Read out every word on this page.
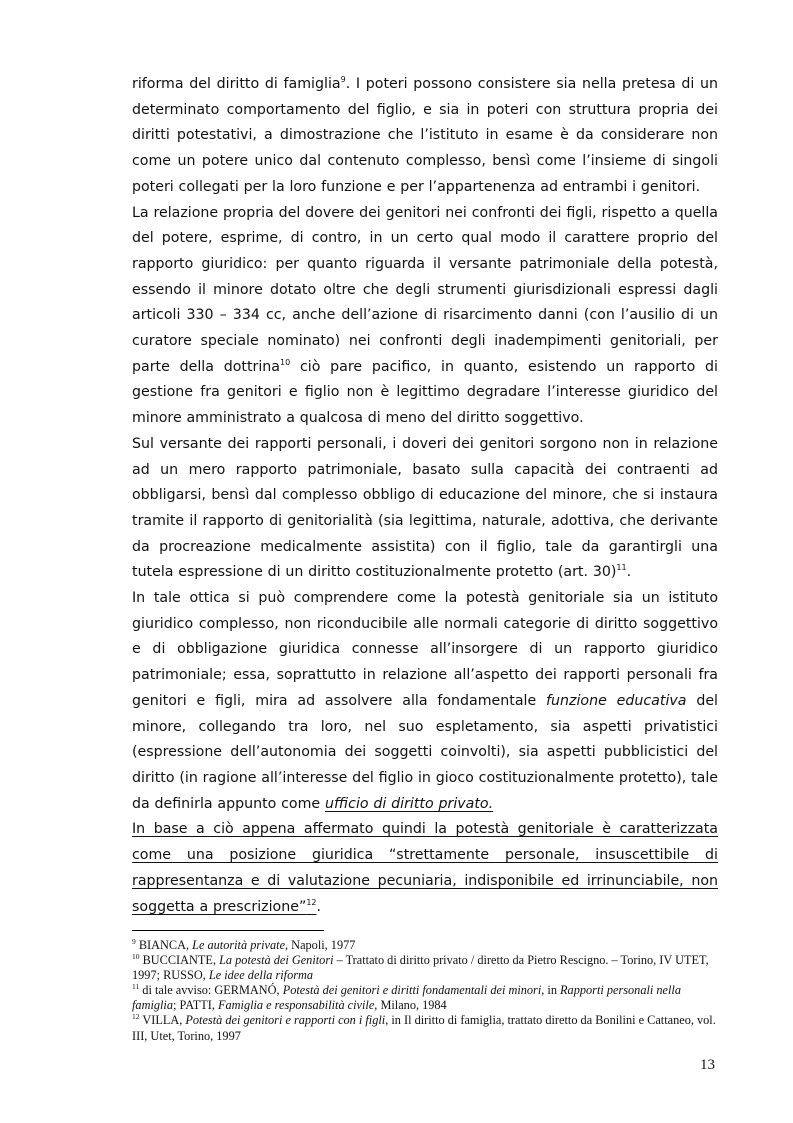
riforma del diritto di famiglia$^9$. I poteri possono consistere sia nella pretesa di un determinato comportamento del figlio, e sia in poteri con struttura propria dei diritti potestativi, a dimostrazione che l’istituto in esame è da considerare non come un potere unico dal contenuto complesso, bensì come l’insieme di singoli poteri collegati per la loro funzione e per l’appartenenza ad entrambi i genitori.

La relazione propria del dovere dei genitori nei confronti dei figli, rispetto a quella del potere, esprime, di contro, in un certo qual modo il carattere proprio del rapporto giuridico: per quanto riguarda il versante patrimoniale della potestà, essendo il minore dotato oltre che degli strumenti giurisdizionali espressi dagli articoli 330 – 334 cc, anche dell’azione di risarcimento danni (con l’ausilio di un curatore speciale nominato) nei confronti degli inadempimenti genitoriali, per parte della dottrina$^{10}$ ciò pare pacifico, in quanto, esistendo un rapporto di gestione fra genitori e figlio non è legittimo degradare l’interesse giuridico del minore amministrato a qualcosa di meno del diritto soggettivo.

Sul versante dei rapporti personali, i doveri dei genitori sorgono non in relazione ad un mero rapporto patrimoniale, basato sulla capacità dei contraenti ad obbligarsi, bensì dal complesso obbligo di educazione del minore, che si instaura tramite il rapporto di genitorialità (sia legittima, naturale, adottiva, che derivante da procreazione medicalmente assistita) con il figlio, tale da garantirgli una tutela espressione di un diritto costituzionalmente protetto (art. 30)$^{11}$.

In tale ottica si può comprendere come la potestà genitoriale sia un istituto giuridico complesso, non riconducibile alle normali categorie di diritto soggettivo e di obbligazione giuridica connesse all’insorgere di un rapporto giuridico patrimoniale; essa, soprattutto in relazione all’aspetto dei rapporti personali fra genitori e figli, mira ad assolvere alla fondamentale funzione educativa del minore, collegando tra loro, nel suo espletamento, sia aspetti privatistici (espressione dell’autonomia dei soggetti coinvolti), sia aspetti pubblicistici del diritto (in ragione all’interesse del figlio in gioco costituzionalmente protetto), tale da definirla appunto come ufficio di diritto privato.

In base a ciò appena affermato quindi la potestà genitoriale è caratterizzata come una posizione giuridica “strettamente personale, insuscettibile di rappresentanza e di valutazione pecuniaria, indisponibile ed irrinunciabile, non soggetta a prescrizione”$^{12}$.

$^9$ BIANCA, Le autorità private, Napoli, 1977

$^{10}$ BUCCIANTE, La potestà dei Genitori – Trattato di diritto privato / diretto da Pietro Rescigno. – Torino, IV UTET, 1997; RUSSO, Le idee della riforma

$^{11}$ di tale avviso: GERMANÓ, Potestà dei genitori e diritti fondamentali dei minori, in Rapporti personali nella famiglia; PATTI, Famiglia e responsabilità civile, Milano, 1984

$^{12}$ VILLA, Potestà dei genitori e rapporti con i figli, in Il diritto di famiglia, trattato diretto da Bonilini e Cattaneo, vol. III, Utet, Torino, 1997

13
